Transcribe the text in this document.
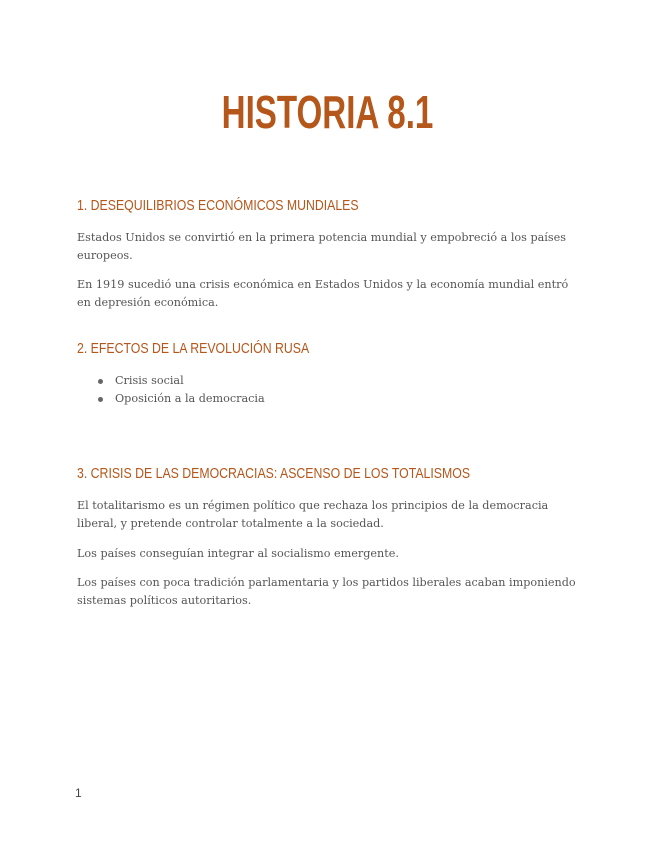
HISTORIA 8.1
1. DESEQUILIBRIOS ECONÓMICOS MUNDIALES

Estados Unidos se convirtió en la primera potencia mundial y empobreció a los países europeos.

En 1919 sucedió una crisis económica en Estados Unidos y la economía mundial entró en depresión económica.

2. EFECTOS DE LA REVOLUCIÓN RUSA
Crisis social
Oposición a la democracia
3. CRISIS DE LAS DEMOCRACIAS: ASCENSO DE LOS TOTALISMOS

El totalitarismo es un régimen político que rechaza los principios de la democracia liberal, y pretende controlar totalmente a la sociedad.

Los países conseguían integrar al socialismo emergente.

Los países con poca tradición parlamentaria y los partidos liberales acaban imponiendo sistemas políticos autoritarios.

1
